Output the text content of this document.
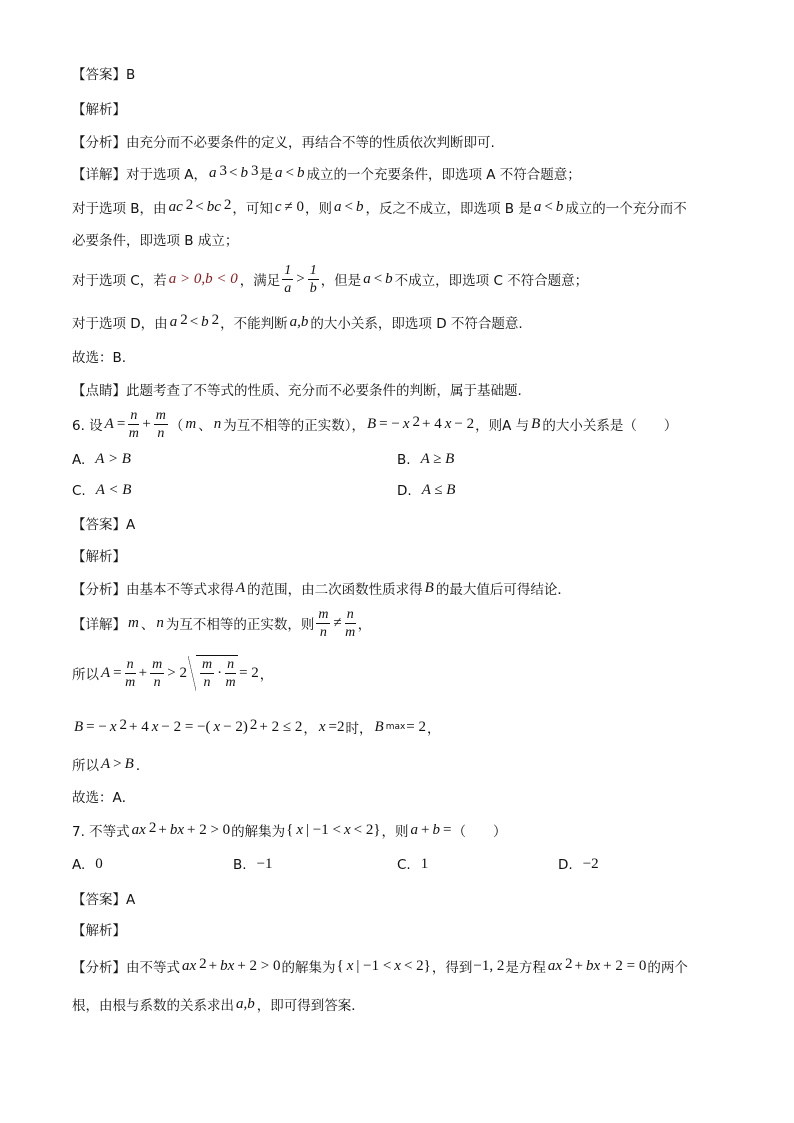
【答案】B
【解析】
【分析】由充分而不必要条件的定义，再结合不等的性质依次判断即可.
【详解】对于选项 A， $a^3 < b^3$ 是 a < b 成立的一个充要条件，即选项 A 不符合题意；
对于选项 B，由 $ac^2 < bc^2$ ，可知 c ≠ 0 ，则 a < b ，反之不成立，即选项 B 是 a < b 成立的一个充分而不
必要条件，即选项 B 成立；
对于选项 C，若 a > 0,b < 0 ，满足 $\frac{1}{a} > \frac{1}{b}$ ，但是 a < b 不成立，即选项 C 不符合题意；
对于选项 D，由 $a^2 < b^2$ ，不能判断 a,b 的大小关系，即选项 D 不符合题意.
故选：B.
【点睛】此题考查了不等式的性质、充分而不必要条件的判断，属于基础题.
6. 设 $A = \frac{n}{m} + \frac{m}{n}$ （ m 、 n 为互不相等的正实数）， B = − $x^2 + 4$ x − 2 ，则A 与 B 的大小关系是（　　）
【答案】A
【解析】
【分析】由基本不等式求得 A 的范围，由二次函数性质求得 B 的最大值后可得结论．
【详解】 m 、 n 为互不相等的正实数，则 $\frac{m}{n} \ne \frac{n}{m}$ ，
所以 $A = \frac{n}{m} + \frac{m}{n} > 2 \frac{m}{n} \cdot \frac{n}{m} = 2$ ，
B = − $x^2 + 4$ x − 2 = −( x − 2)$^2$ + 2 ≤ 2 ， x =2 时， B max = 2 ，
所以 A > B ．
故选：A．
7. 不等式 $ax^2$ + bx + 2 > 0 的解集为 { x | −1 < x < 2} ，则 a + b = （　　）
【答案】A
【解析】
【分析】由不等式 $ax^2$ + bx + 2 > 0 的解集为 { x | −1 < x < 2} ，得到 −1, 2 是方程 $ax^2$ + bx + 2 = 0 的两个
根，由根与系数的关系求出 a,b ，即可得到答案．
A. A > B	B. A ≥ B
C. A < B	D. A ≤ B
A. 0	B. −1	C. 1	D. −2
